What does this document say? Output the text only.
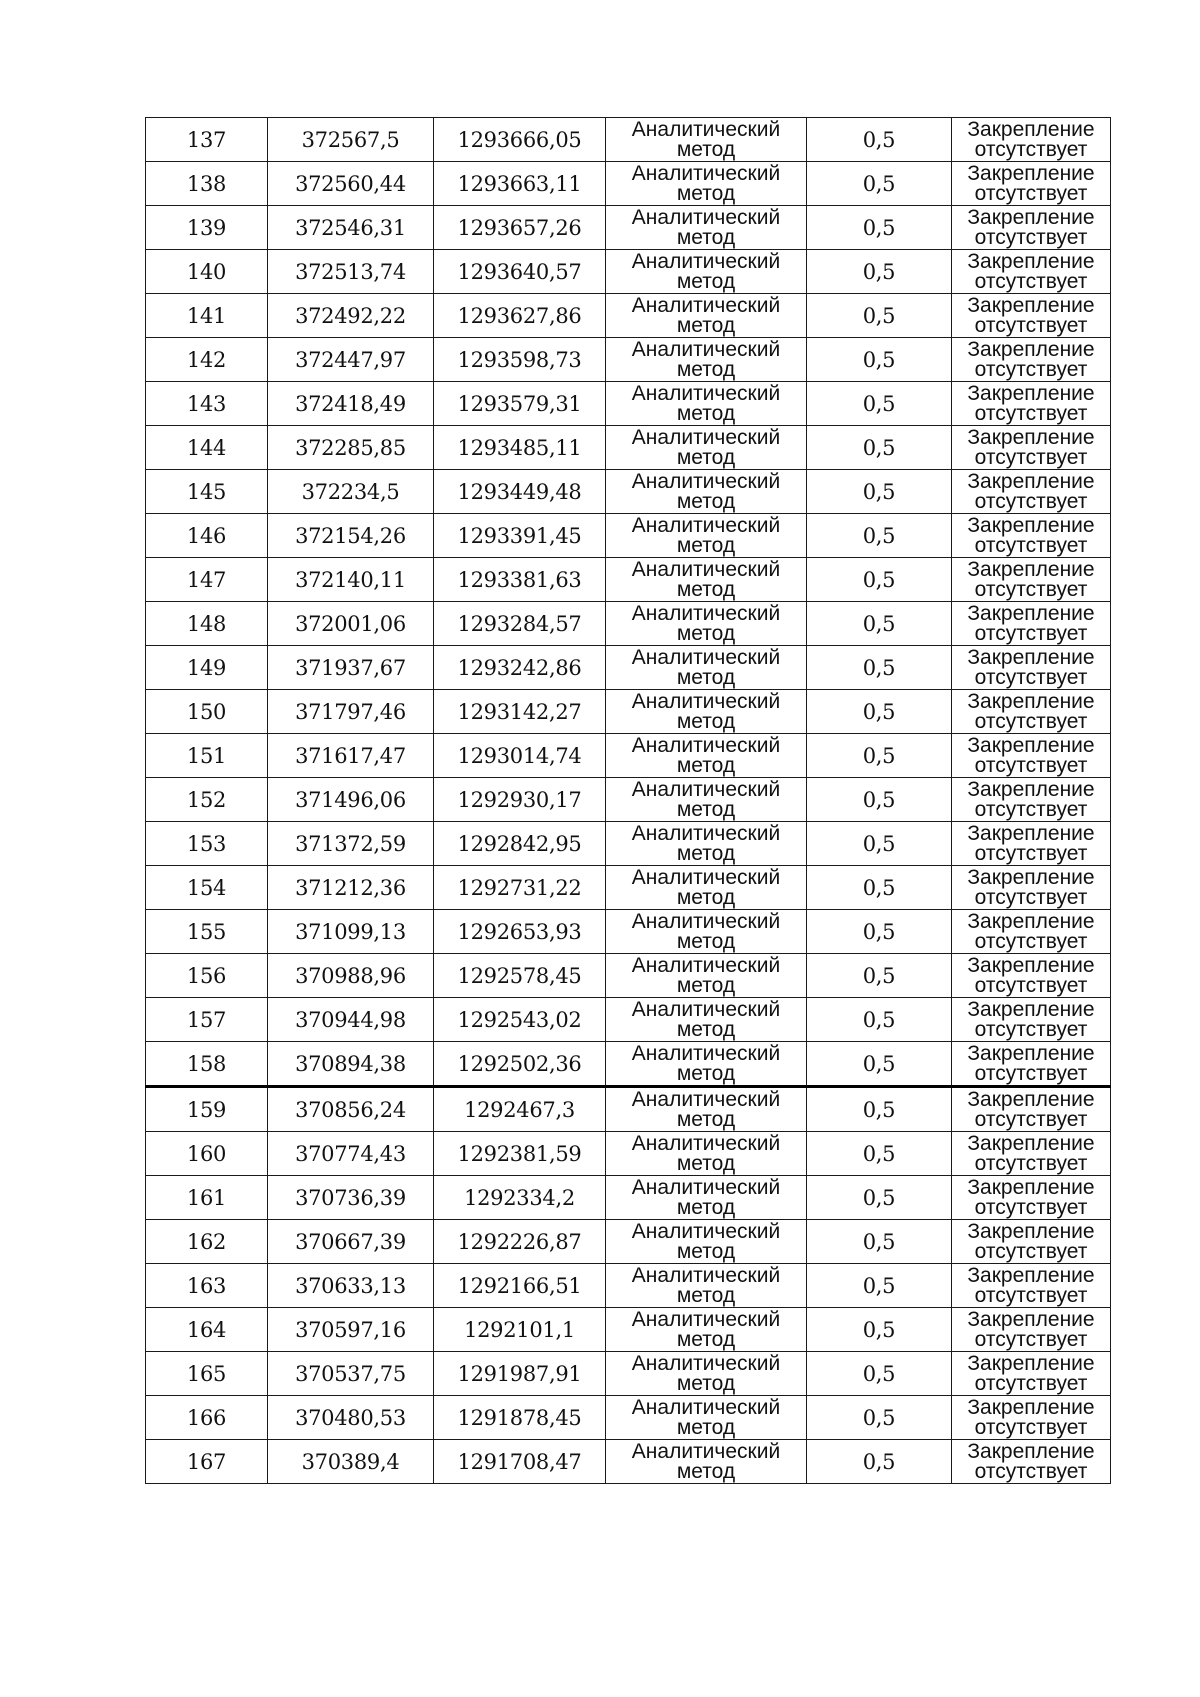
137	372567,5	1293666,05	Аналитический
метод	0,5	Закрепление
отсутствует

138	372560,44	1293663,11	Аналитический
метод	0,5	Закрепление
отсутствует

139	372546,31	1293657,26	Аналитический
метод	0,5	Закрепление
отсутствует

140	372513,74	1293640,57	Аналитический
метод	0,5	Закрепление
отсутствует

141	372492,22	1293627,86	Аналитический
метод	0,5	Закрепление
отсутствует

142	372447,97	1293598,73	Аналитический
метод	0,5	Закрепление
отсутствует

143	372418,49	1293579,31	Аналитический
метод	0,5	Закрепление
отсутствует

144	372285,85	1293485,11	Аналитический
метод	0,5	Закрепление
отсутствует

145	372234,5	1293449,48	Аналитический
метод	0,5	Закрепление
отсутствует

146	372154,26	1293391,45	Аналитический
метод	0,5	Закрепление
отсутствует

147	372140,11	1293381,63	Аналитический
метод	0,5	Закрепление
отсутствует

148	372001,06	1293284,57	Аналитический
метод	0,5	Закрепление
отсутствует

149	371937,67	1293242,86	Аналитический
метод	0,5	Закрепление
отсутствует

150	371797,46	1293142,27	Аналитический
метод	0,5	Закрепление
отсутствует

151	371617,47	1293014,74	Аналитический
метод	0,5	Закрепление
отсутствует

152	371496,06	1292930,17	Аналитический
метод	0,5	Закрепление
отсутствует

153	371372,59	1292842,95	Аналитический
метод	0,5	Закрепление
отсутствует

154	371212,36	1292731,22	Аналитический
метод	0,5	Закрепление
отсутствует

155	371099,13	1292653,93	Аналитический
метод	0,5	Закрепление
отсутствует

156	370988,96	1292578,45	Аналитический
метод	0,5	Закрепление
отсутствует

157	370944,98	1292543,02	Аналитический
метод	0,5	Закрепление
отсутствует

158	370894,38	1292502,36	Аналитический
метод	0,5	Закрепление
отсутствует

159	370856,24	1292467,3	Аналитический
метод	0,5	Закрепление
отсутствует

160	370774,43	1292381,59	Аналитический
метод	0,5	Закрепление
отсутствует

161	370736,39	1292334,2	Аналитический
метод	0,5	Закрепление
отсутствует

162	370667,39	1292226,87	Аналитический
метод	0,5	Закрепление
отсутствует

163	370633,13	1292166,51	Аналитический
метод	0,5	Закрепление
отсутствует

164	370597,16	1292101,1	Аналитический
метод	0,5	Закрепление
отсутствует

165	370537,75	1291987,91	Аналитический
метод	0,5	Закрепление
отсутствует

166	370480,53	1291878,45	Аналитический
метод	0,5	Закрепление
отсутствует

167	370389,4	1291708,47	Аналитический
метод	0,5	Закрепление
отсутствует
